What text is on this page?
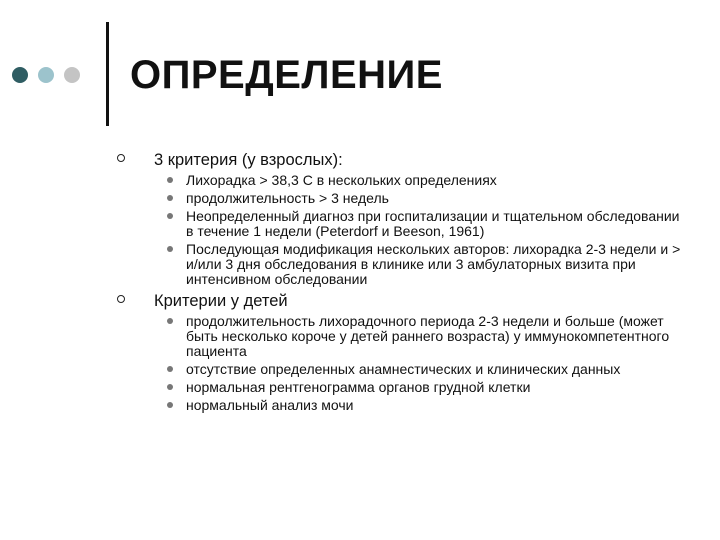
ОПРЕДЕЛЕНИЕ
3 критерия (у взрослых):
Лихорадка > 38,3 С в нескольких определениях
продолжительность > 3 недель
Неопределенный диагноз при госпитализации и тщательном обследовании в течение 1 недели (Peterdorf и Beeson, 1961)
Последующая модификация нескольких авторов: лихорадка 2-3 недели и > и/или 3 дня обследования в клинике или 3 амбулаторных визита при интенсивном обследовании
Критерии у детей
продолжительность лихорадочного периода 2-3 недели и больше (может быть несколько короче у детей раннего возраста) у иммунокомпетентного пациента
отсутствие определенных анамнестических и клинических данных
нормальная рентгенограмма органов грудной клетки
нормальный анализ мочи
